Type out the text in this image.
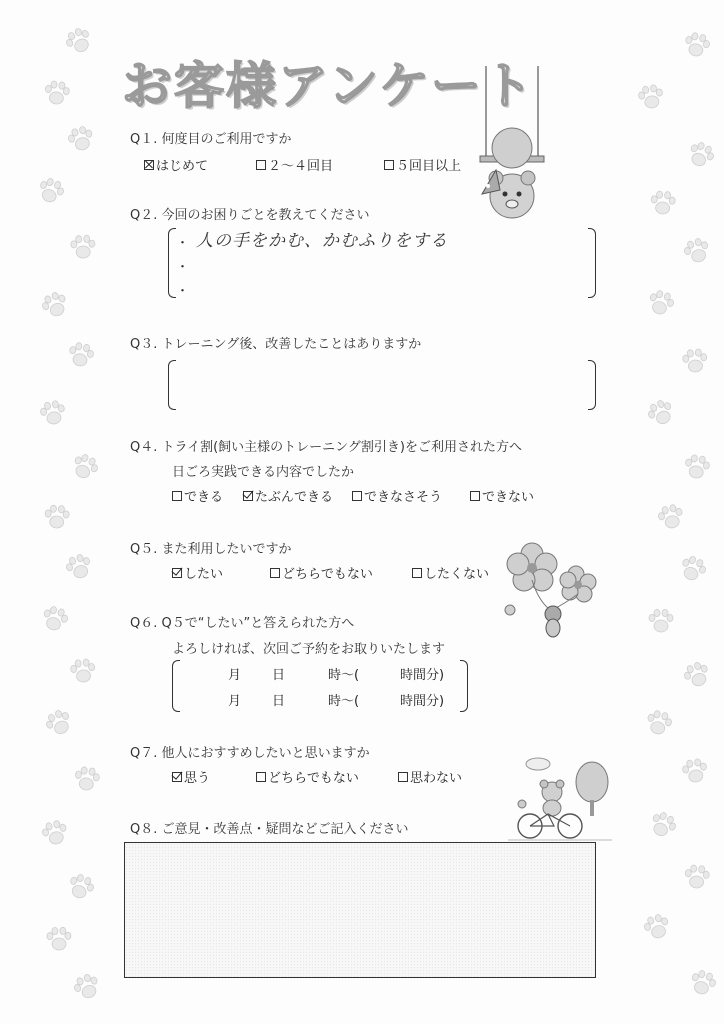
お客様アンケート
Q１. 何度目のご利用ですか
はじめて	２～４回目	５回目以上
Q２. 今回のお困りごとを教えてください
・
・
・
人の手をかむ、かむふりをする
Q３. トレーニング後、改善したことはありますか
Q４. トライ割(飼い主様のトレーニング割引き)をご利用された方へ
日ごろ実践できる内容でしたか
できる たぶんできる できなさそう	できない
Q５. また利用したいですか
したい	どちらでもない	したくない
Q６. Q５で“したい”と答えられた方へ
よろしければ、次回ご予約をお取りいたします
月 日	時～(	時間分)
月 日	時～(	時間分)
Q７. 他人におすすめしたいと思いますか
思う	どちらでもない	思わない
Q８. ご意見・改善点・疑問などご記入ください
